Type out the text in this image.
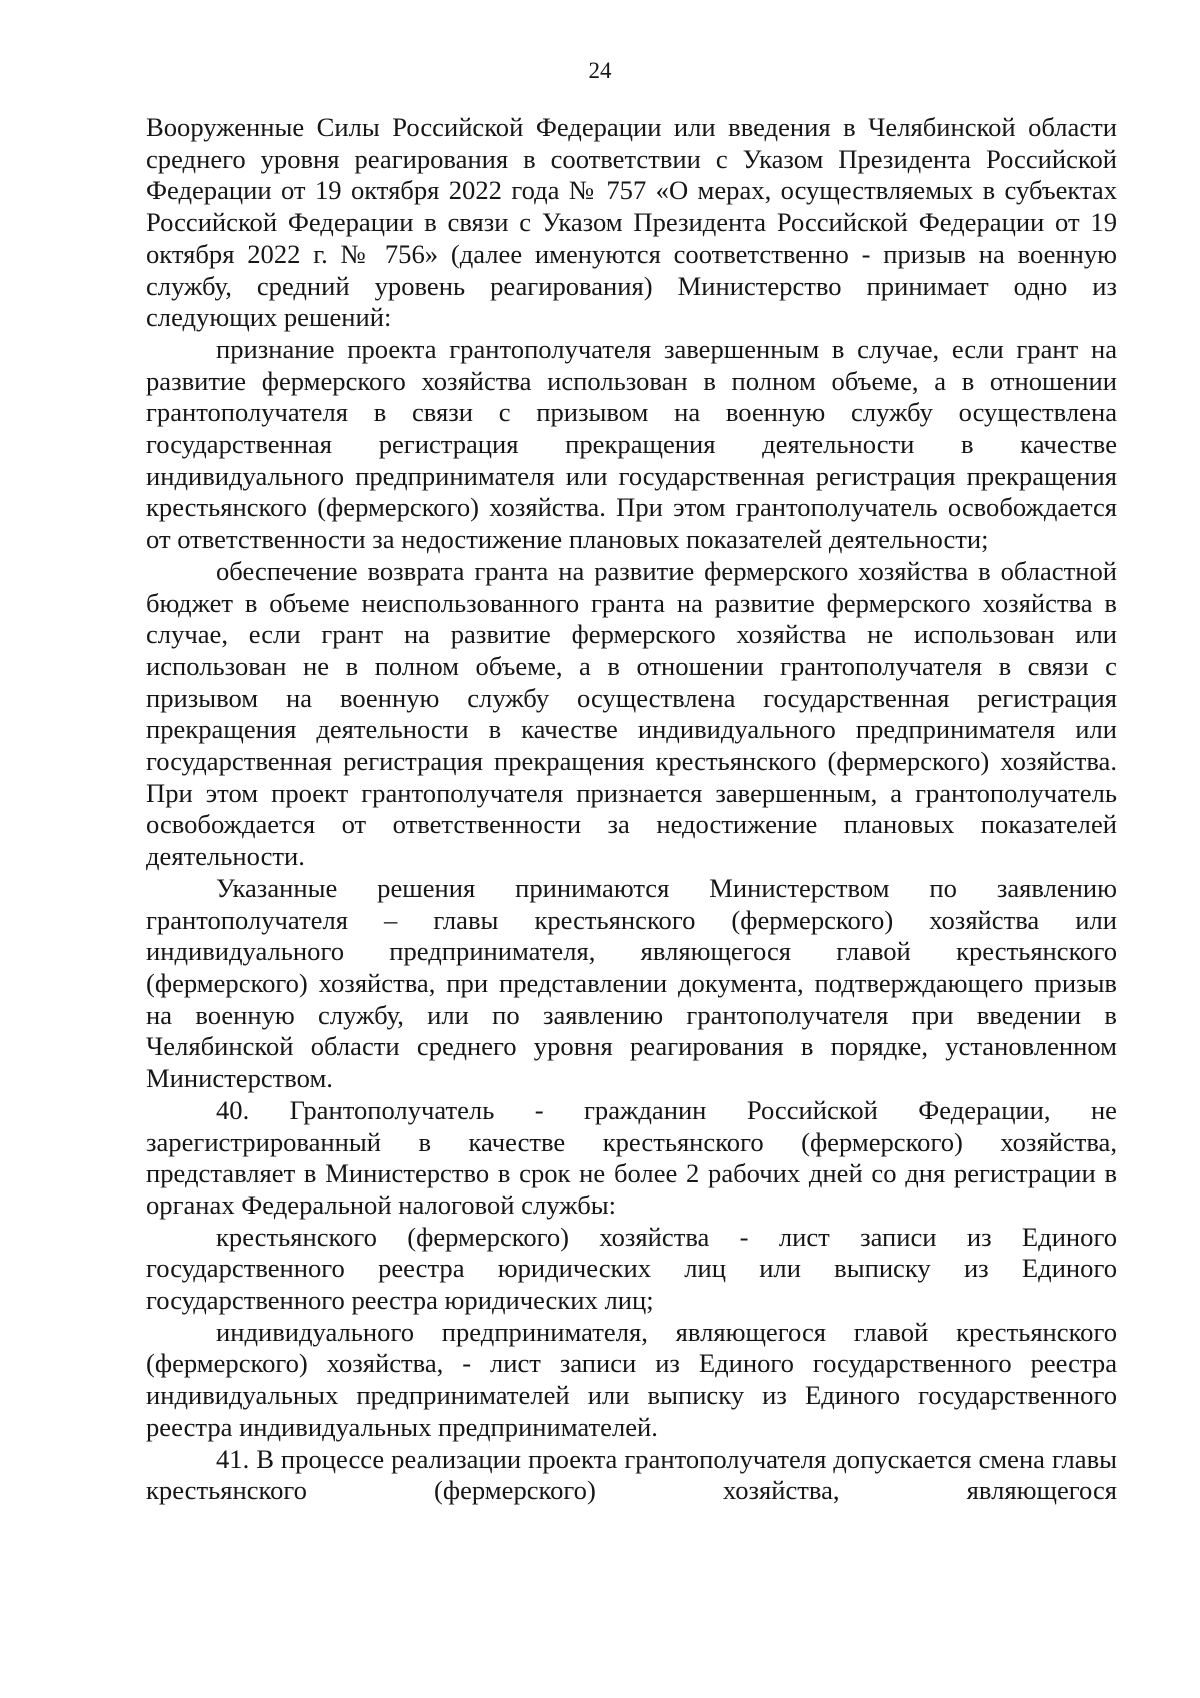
24

Вооруженные Силы Российской Федерации или введения в Челябинской области среднего уровня реагирования в соответствии с Указом Президента Российской Федерации от 19 октября 2022 года № 757 «О мерах, осуществляемых в субъектах Российской Федерации в связи с Указом Президента Российской Федерации от 19 октября 2022 г. № 756» (далее именуются соответственно - призыв на военную службу, средний уровень реагирования) Министерство принимает одно из следующих решений:

признание проекта грантополучателя завершенным в случае, если грант на развитие фермерского хозяйства использован в полном объеме, а в отношении грантополучателя в связи с призывом на военную службу осуществлена государственная регистрация прекращения деятельности в качестве индивидуального предпринимателя или государственная регистрация прекращения крестьянского (фермерского) хозяйства. При этом грантополучатель освобождается от ответственности за недостижение плановых показателей деятельности;

обеспечение возврата гранта на развитие фермерского хозяйства в областной бюджет в объеме неиспользованного гранта на развитие фермерского хозяйства в случае, если грант на развитие фермерского хозяйства не использован или использован не в полном объеме, а в отношении грантополучателя в связи с призывом на военную службу осуществлена государственная регистрация прекращения деятельности в качестве индивидуального предпринимателя или государственная регистрация прекращения крестьянского (фермерского) хозяйства. При этом проект грантополучателя признается завершенным, а грантополучатель освобождается от ответственности за недостижение плановых показателей деятельности.

Указанные решения принимаются Министерством по заявлению грантополучателя – главы крестьянского (фермерского) хозяйства или индивидуального предпринимателя, являющегося главой крестьянского (фермерского) хозяйства, при представлении документа, подтверждающего призыв на военную службу, или по заявлению грантополучателя при введении в Челябинской области среднего уровня реагирования в порядке, установленном Министерством.

40. Грантополучатель - гражданин Российской Федерации, не зарегистрированный в качестве крестьянского (фермерского) хозяйства, представляет в Министерство в срок не более 2 рабочих дней со дня регистрации в органах Федеральной налоговой службы:

крестьянского (фермерского) хозяйства - лист записи из Единого государственного реестра юридических лиц или выписку из Единого государственного реестра юридических лиц;

индивидуального предпринимателя, являющегося главой крестьянского (фермерского) хозяйства, - лист записи из Единого государственного реестра индивидуальных предпринимателей или выписку из Единого государственного реестра индивидуальных предпринимателей.

41. В процессе реализации проекта грантополучателя допускается смена главы крестьянского (фермерского) хозяйства, являющегося
